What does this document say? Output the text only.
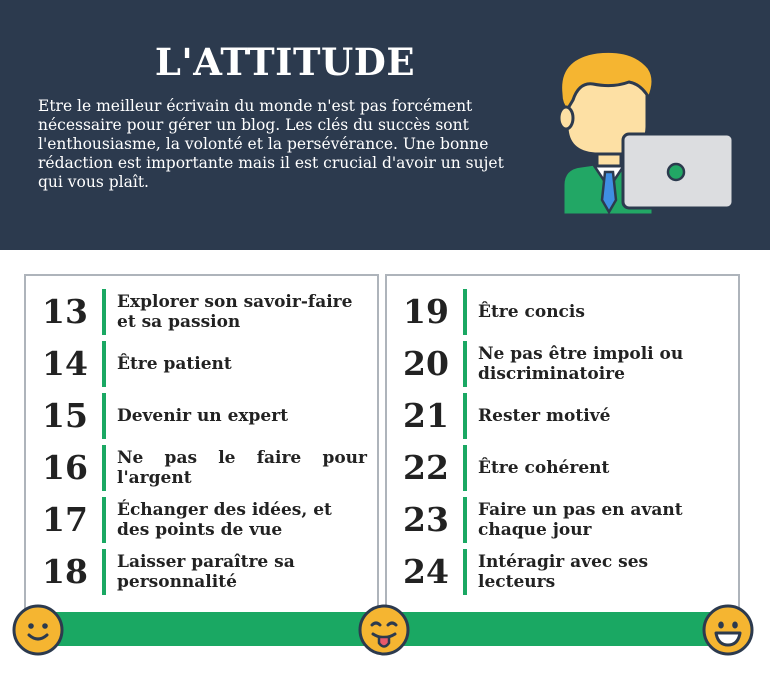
L'ATTITUDE
Etre le meilleur écrivain du monde n'est pas forcément nécessaire pour gérer un blog. Les clés du succès sont l'enthousiasme, la volonté et la persévérance. Une bonne rédaction est importante mais il est crucial d'avoir un sujet qui vous plaît.
13 Explorer son savoir-faire et sa passion
14 Être patient
15 Devenir un expert
16 Ne pas le faire pour l'argent
17 Échanger des idées, et des points de vue
18 Laisser paraître sa personnalité
19 Être concis
20 Ne pas être impoli ou discriminatoire
21 Rester motivé
22 Être cohérent
23 Faire un pas en avant chaque jour
24 Intéragir avec ses lecteurs
